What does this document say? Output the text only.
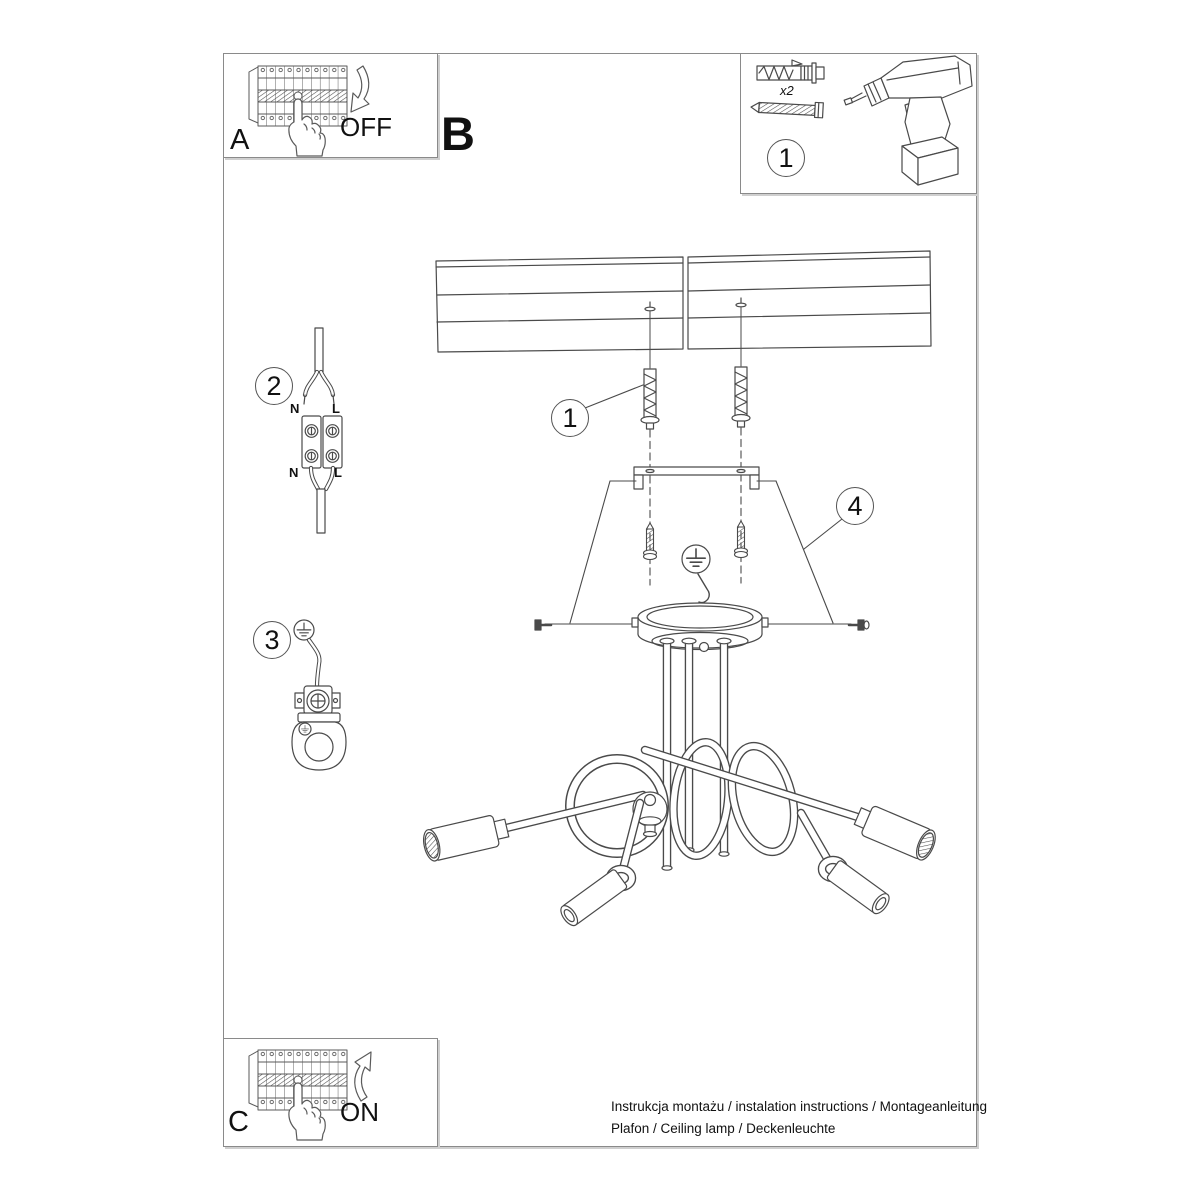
A	OFF B
x2
1
2
N	L
N	L
3
1
4
C	ON	Instrukcja montażu / instalation instructions / Montageanleitung
Plafon / Ceiling lamp / Deckenleuchte
